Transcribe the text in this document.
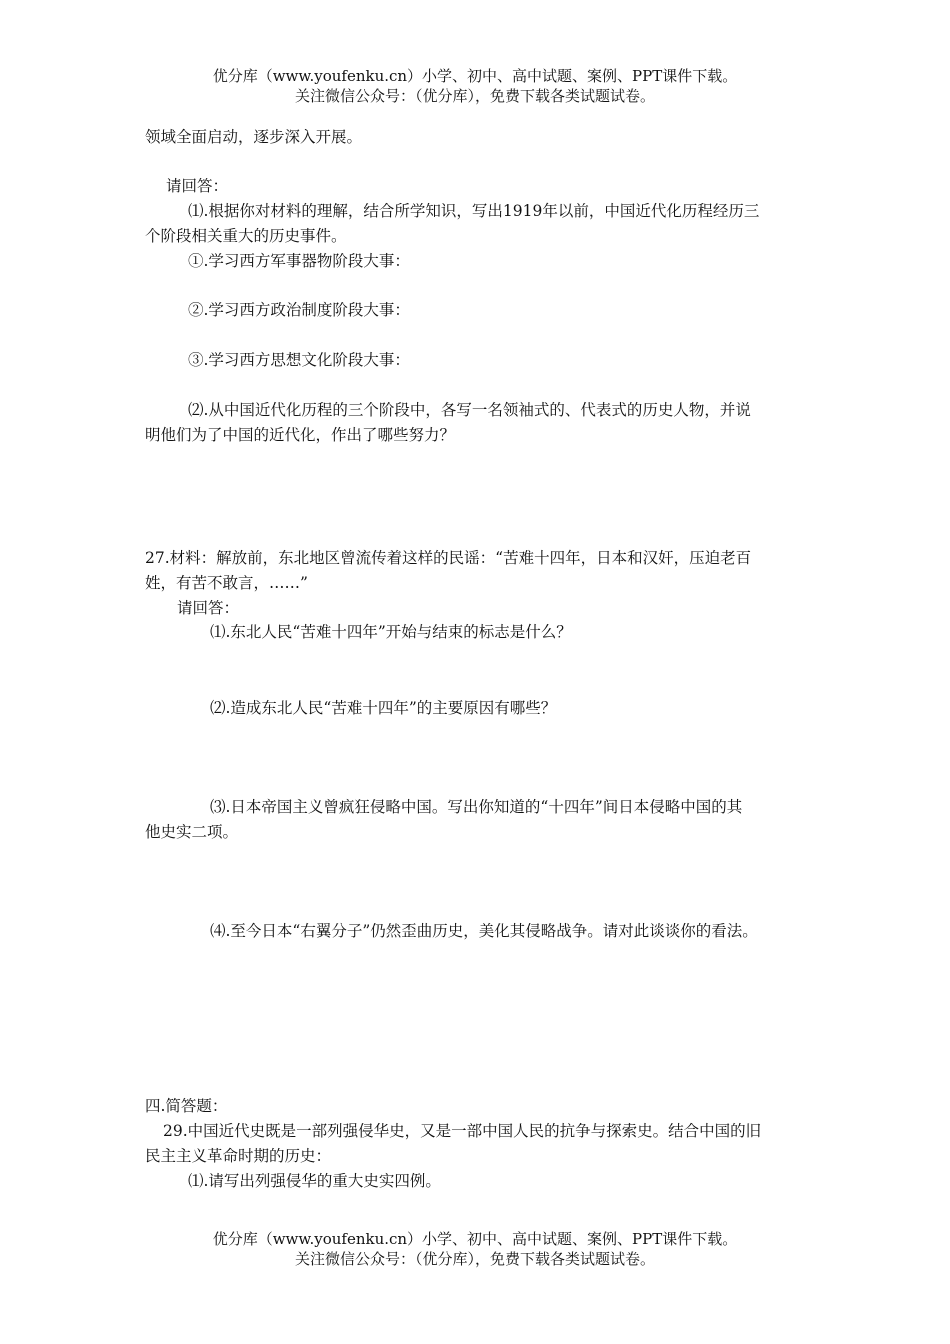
优分库（www.youfenku.cn）小学、初中、高中试题、案例、PPT课件下载。
关注微信公众号：（优分库），免费下载各类试题试卷。
领域全面启动，逐步深入开展。
请回答：
⑴.根据你对材料的理解，结合所学知识，写出1919年以前，中国近代化历程经历三
个阶段相关重大的历史事件。
①.学习西方军事器物阶段大事：
②.学习西方政治制度阶段大事：
③.学习西方思想文化阶段大事：
⑵.从中国近代化历程的三个阶段中，各写一名领袖式的、代表式的历史人物，并说
明他们为了中国的近代化，作出了哪些努力？
27.材料：解放前，东北地区曾流传着这样的民谣：“苦难十四年，日本和汉奸，压迫老百
姓，有苦不敢言，……”
请回答：
⑴.东北人民“苦难十四年”开始与结束的标志是什么？
⑵.造成东北人民“苦难十四年”的主要原因有哪些？
⑶.日本帝国主义曾疯狂侵略中国。写出你知道的“十四年”间日本侵略中国的其
他史实二项。
⑷.至今日本“右翼分子”仍然歪曲历史，美化其侵略战争。请对此谈谈你的看法。
四.简答题：
29.中国近代史既是一部列强侵华史，又是一部中国人民的抗争与探索史。结合中国的旧
民主主义革命时期的历史：
⑴.请写出列强侵华的重大史实四例。
优分库（www.youfenku.cn）小学、初中、高中试题、案例、PPT课件下载。
关注微信公众号：（优分库），免费下载各类试题试卷。
